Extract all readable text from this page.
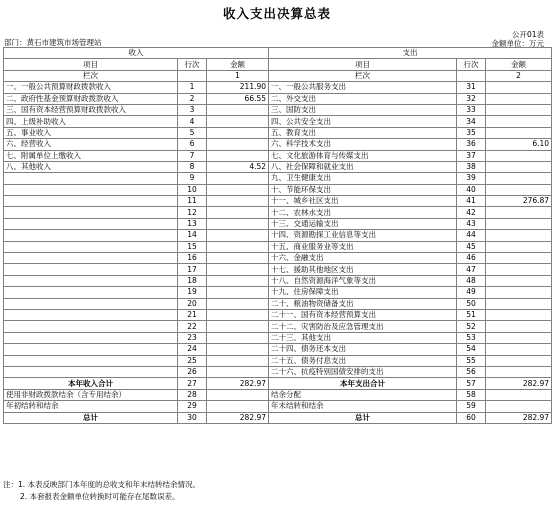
收入支出决算总表
公开01表
部门：黄石市建筑市场管理站	金额单位：万元
收入			支出		
项目	行次	金额	项目	行次	金额
栏次		1	栏次		2
一、一般公共预算财政拨款收入	1	211.90	一、一般公共服务支出	31	
二、政府性基金预算财政拨款收入	2	66.55	二、外交支出	32	
三、国有资本经营预算财政拨款收入	3		三、国防支出	33	
四、上级补助收入	4		四、公共安全支出	34	
五、事业收入	5		五、教育支出	35	
六、经营收入	6		六、科学技术支出	36	6.10
七、附属单位上缴收入	7		七、文化旅游体育与传媒支出	37	
八、其他收入	8	4.52	八、社会保障和就业支出	38	
	9		九、卫生健康支出	39	
	10		十、节能环保支出	40	
	11		十一、城乡社区支出	41	276.87
	12		十二、农林水支出	42	
	13		十三、交通运输支出	43	
	14		十四、资源勘探工业信息等支出	44	
	15		十五、商业服务业等支出	45	
	16		十六、金融支出	46	
	17		十七、援助其他地区支出	47	
	18		十八、自然资源海洋气象等支出	48	
	19		十九、住房保障支出	49	
	20		二十、粮油物资储备支出	50	
	21		二十一、国有资本经营预算支出	51	
	22		二十二、灾害防治及应急管理支出	52	
	23		二十三、其他支出	53	
	24		二十四、债务还本支出	54	
	25		二十五、债务付息支出	55	
	26		二十六、抗疫特别国债安排的支出	56	
本年收入合计	27	282.97	本年支出合计	57	282.97
使用非财政拨款结余（含专用结余）	28		结余分配	58	
年初结转和结余	29		年末结转和结余	59	
总计	30	282.97	总计	60	282.97
注：1. 本表反映部门本年度的总收支和年末结转结余情况。
2. 本套报表金额单位转换时可能存在尾数误差。
